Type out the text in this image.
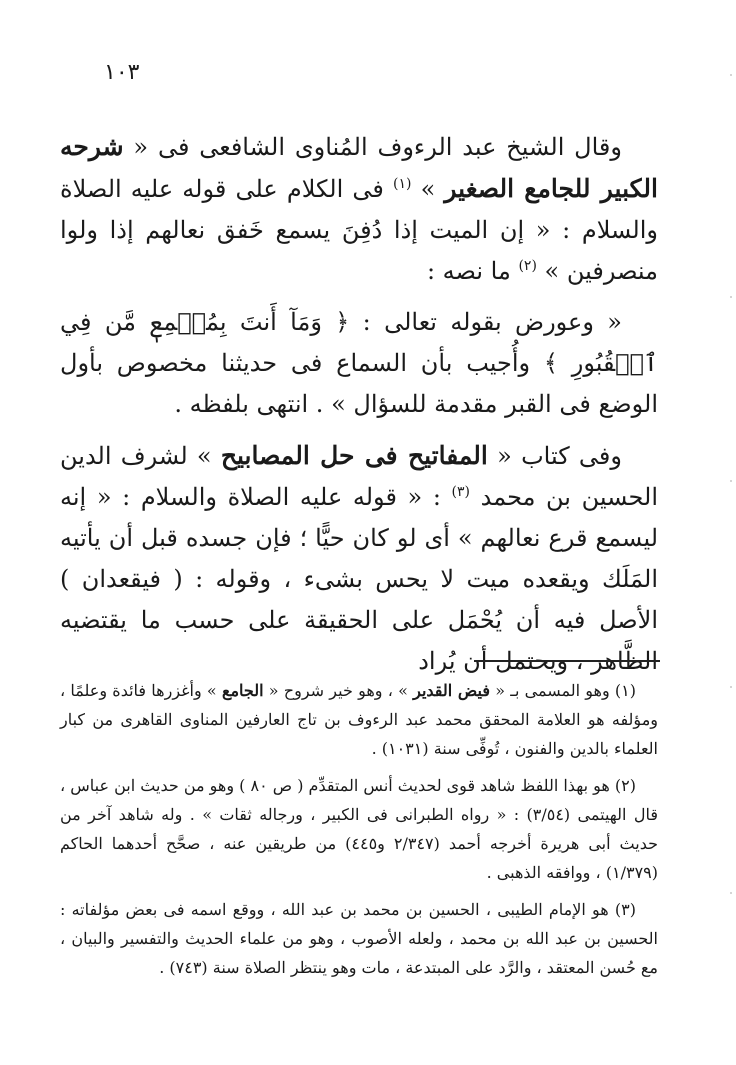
١٠٣

وقال الشيخ عبد الرءوف المُناوى الشافعى فى « شرحه الكبير للجامع الصغير » $^{(١)}$ فى الكلام على قوله عليه الصلاة والسلام : « إن الميت إذا دُفِنَ يسمع خَفق نعالهم إذا ولوا منصرفين » $^{(٢)}$ ما نصه :

« وعورض بقوله تعالى : ﴿ وَمَآ أَنتَ بِمُسۡمِعٖ مَّن فِي ٱلۡقُبُورِ ﴾ وأُجيب بأن السماع فى حديثنا مخصوص بأول الوضع فى القبر مقدمة للسؤال » . انتهى بلفظه .

وفى كتاب « المفاتيح فى حل المصابيح » لشرف الدين الحسين بن محمد $^{(٣)}$ : « قوله عليه الصلاة والسلام : « إنه ليسمع قرع نعالهم » أى لو كان حيًّا ؛ فإن جسده قبل أن يأتيه المَلَك ويقعده ميت لا يحس بشىء ، وقوله : ( فيقعدان ) الأصل فيه أن يُحْمَل على الحقيقة على حسب ما يقتضيه الظَّاهر ، ويحتمل أن يُراد

(١) وهو المسمى بـ « فيض القدير » ، وهو خير شروح « الجامع » وأغزرها فائدة وعلمًا ، ومؤلفه هو العلامة المحقق محمد عبد الرءوف بن تاج العارفين المناوى القاهرى من كبار العلماء بالدين والفنون ، تُوفِّى سنة (١٠٣١) .

(٢) هو بهذا اللفظ شاهد قوى لحديث أنس المتقدِّم ( ص ٨٠ ) وهو من حديث ابن عباس ، قال الهيتمى (٣/٥٤) : « رواه الطبرانى فى الكبير ، ورجاله ثقات » . وله شاهد آخر من حديث أبى هريرة أخرجه أحمد (٢/٣٤٧ و٤٤٥) من طريقين عنه ، صحَّح أحدهما الحاكم (١/٣٧٩) ، ووافقه الذهبى .

(٣) هو الإمام الطيبى ، الحسين بن محمد بن عبد الله ، ووقع اسمه فى بعض مؤلفاته : الحسين بن عبد الله بن محمد ، ولعله الأصوب ، وهو من علماء الحديث والتفسير والبيان ، مع حُسن المعتقد ، والرَّد على المبتدعة ، مات وهو ينتظر الصلاة سنة (٧٤٣) .
